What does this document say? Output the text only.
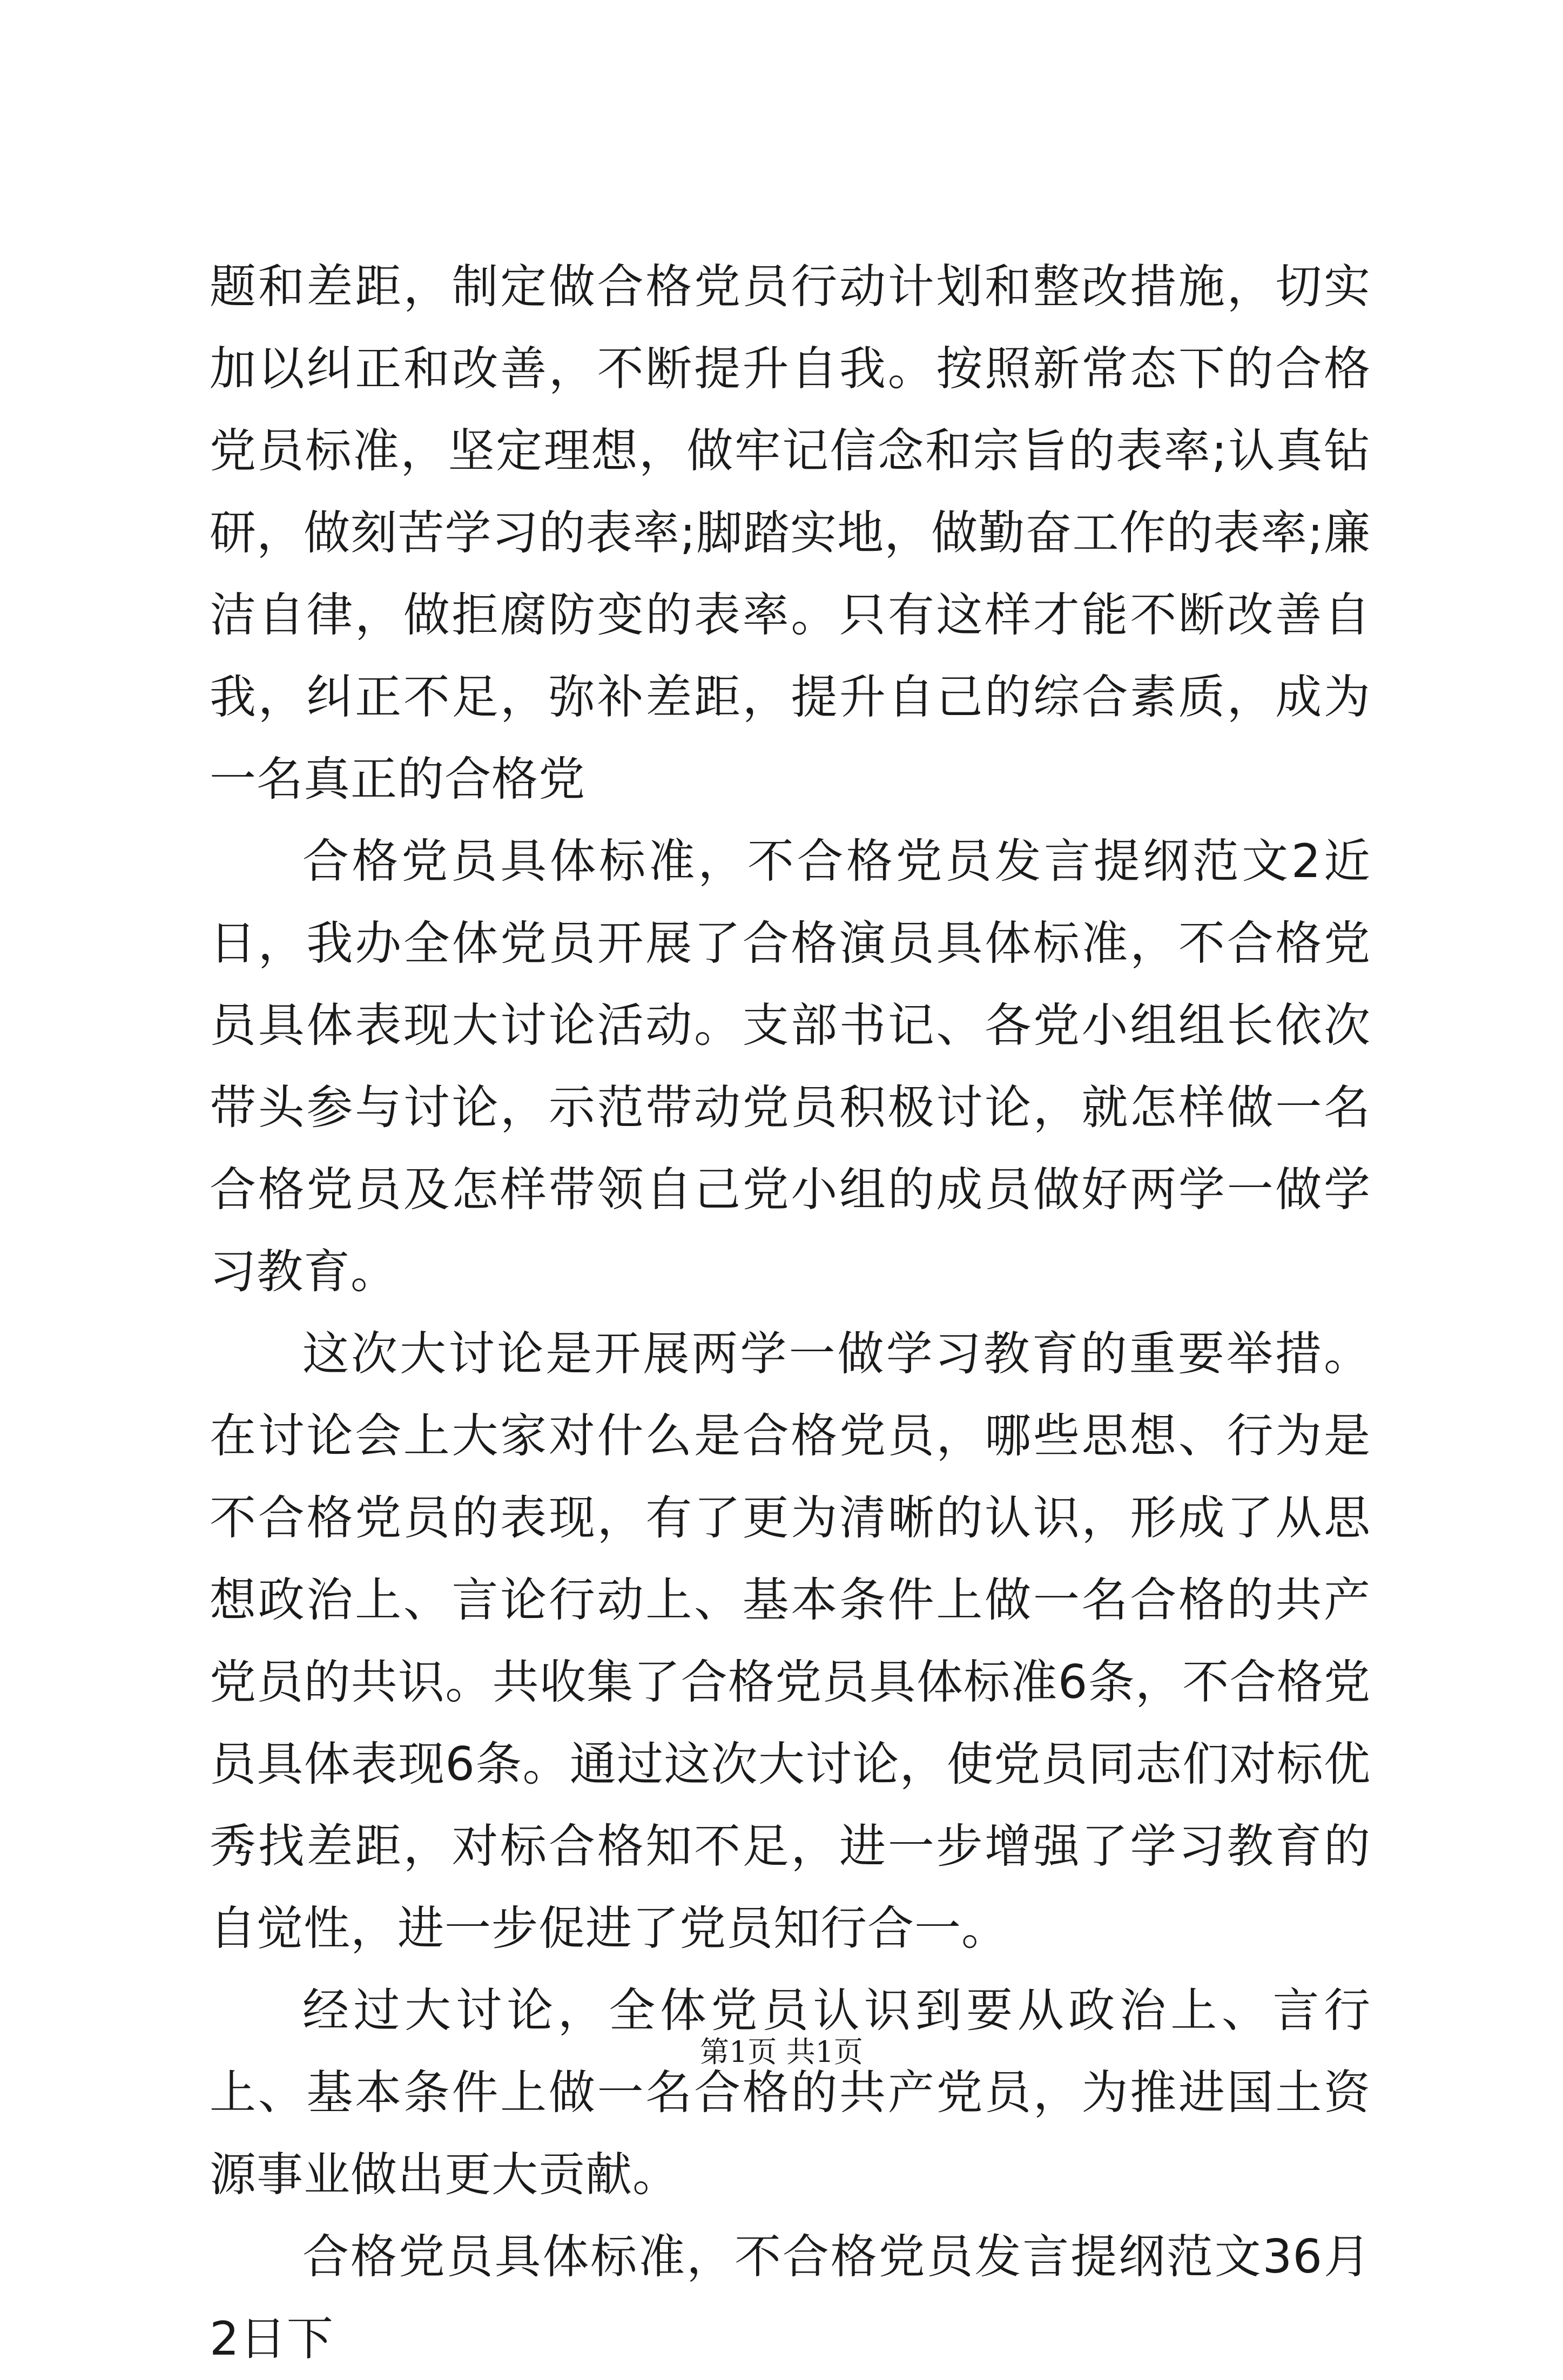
题和差距，制定做合格党员行动计划和整改措施，切实加以纠正和改善，不断提升自我。按照新常态下的合格党员标准，坚定理想，做牢记信念和宗旨的表率;认真钻研，做刻苦学习的表率;脚踏实地，做勤奋工作的表率;廉洁自律，做拒腐防变的表率。只有这样才能不断改善自我，纠正不足，弥补差距，提升自己的综合素质，成为一名真正的合格党

合格党员具体标准，不合格党员发言提纲范文2近日，我办全体党员开展了合格演员具体标准，不合格党员具体表现大讨论活动。支部书记、各党小组组长依次带头参与讨论，示范带动党员积极讨论，就怎样做一名合格党员及怎样带领自己党小组的成员做好两学一做学习教育。

这次大讨论是开展两学一做学习教育的重要举措。在讨论会上大家对什么是合格党员，哪些思想、行为是不合格党员的表现，有了更为清晰的认识，形成了从思想政治上、言论行动上、基本条件上做一名合格的共产党员的共识。共收集了合格党员具体标准6条，不合格党员具体表现6条。通过这次大讨论，使党员同志们对标优秀找差距，对标合格知不足，进一步增强了学习教育的自觉性，进一步促进了党员知行合一。

经过大讨论，全体党员认识到要从政治上、言行上、基本条件上做一名合格的共产党员，为推进国土资源事业做出更大贡献。

合格党员具体标准，不合格党员发言提纲范文36月2日下

第1页 共1页
